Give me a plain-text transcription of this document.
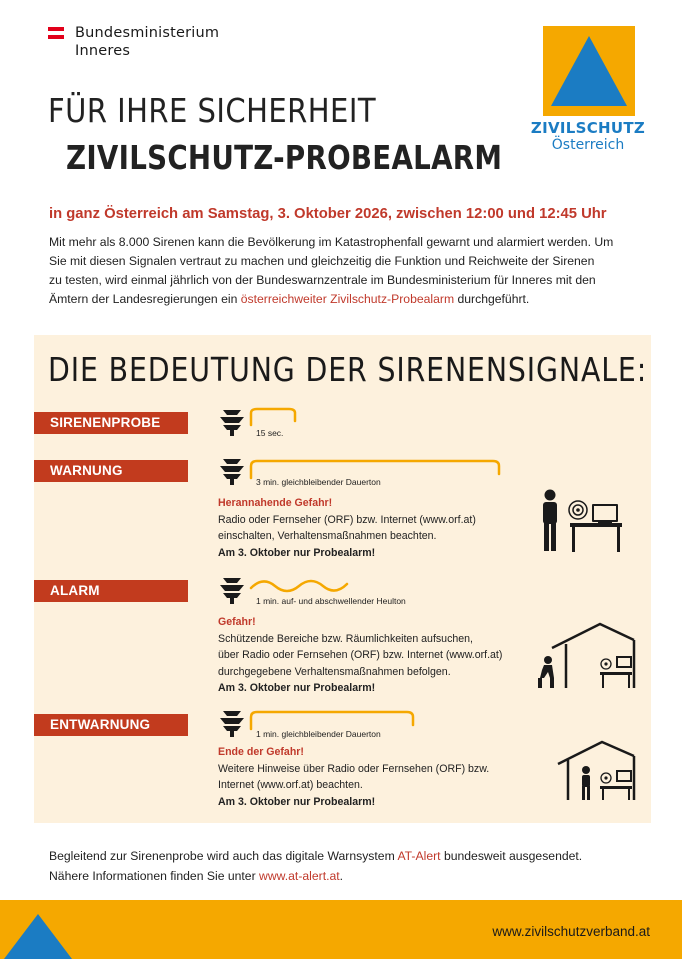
Bundesministerium
Inneres
ZIVILSCHUTZ
Österreich
FÜR IHRE SICHERHEIT
ZIVILSCHUTZ-PROBEALARM
in ganz Österreich am Samstag, 3. Oktober 2026, zwischen 12:00 und 12:45 Uhr
Mit mehr als 8.000 Sirenen kann die Bevölkerung im Katastrophenfall gewarnt und alarmiert werden. Um
Sie mit diesen Signalen vertraut zu machen und gleichzeitig die Funktion und Reichweite der Sirenen
zu testen, wird einmal jährlich von der Bundeswarnzentrale im Bundesministerium für Inneres mit den
Ämtern der Landesregierungen ein österreichweiter Zivilschutz-Probealarm durchgeführt.
DIE BEDEUTUNG DER SIRENENSIGNALE:
SIRENENPROBE
15 sec.
WARNUNG
3 min. gleichbleibender Dauerton
Herannahende Gefahr!
Radio oder Fernseher (ORF) bzw. Internet (www.orf.at)
einschalten, Verhaltensmaßnahmen beachten.
Am 3. Oktober nur Probealarm!
ALARM
1 min. auf- und abschwellender Heulton
Gefahr!
Schützende Bereiche bzw. Räumlichkeiten aufsuchen,
über Radio oder Fernsehen (ORF) bzw. Internet (www.orf.at)
durchgegebene Verhaltensmaßnahmen befolgen.
Am 3. Oktober nur Probealarm!
ENTWARNUNG
1 min. gleichbleibender Dauerton
Ende der Gefahr!
Weitere Hinweise über Radio oder Fernsehen (ORF) bzw.
Internet (www.orf.at) beachten.
Am 3. Oktober nur Probealarm!
Begleitend zur Sirenenprobe wird auch das digitale Warnsystem AT-Alert bundesweit ausgesendet.
Nähere Informationen finden Sie unter www.at-alert.at.
www.zivilschutzverband.at
